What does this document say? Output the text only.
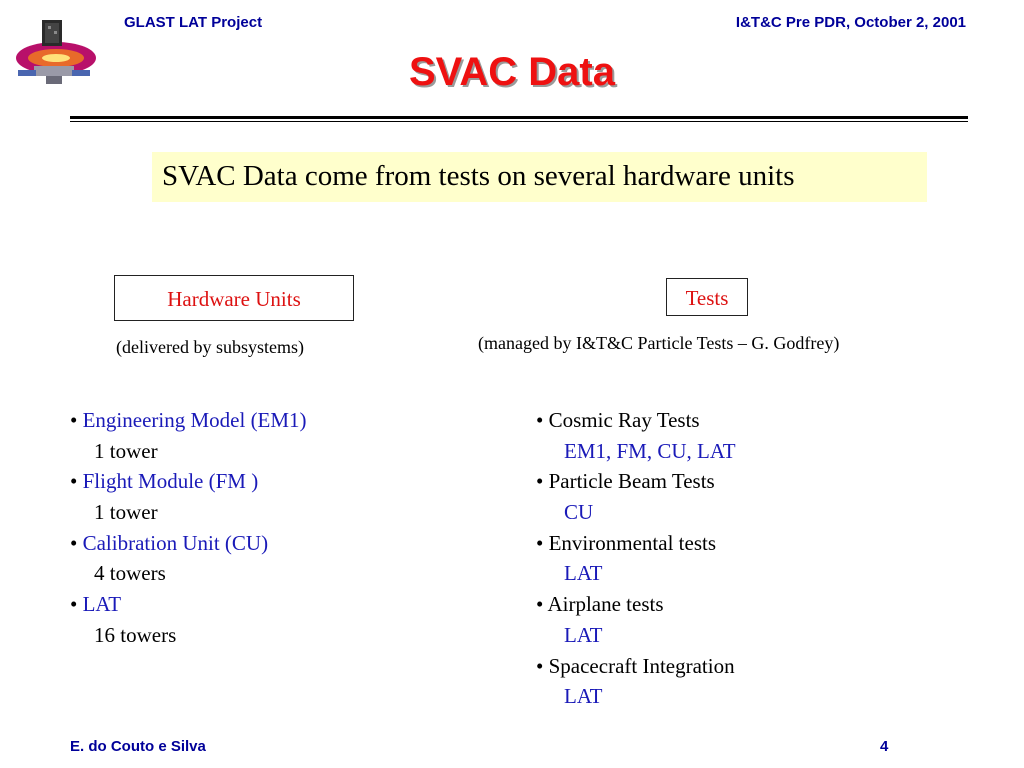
GLAST LAT Project	I&T&C Pre PDR, October 2, 2001
SVAC Data
SVAC Data come from tests on several hardware units
Hardware Units
(delivered by subsystems)
• Engineering Model (EM1)
1 tower
• Flight Module (FM )
1 tower
• Calibration Unit (CU)
4 towers
• LAT
16 towers
Tests
(managed by I&T&C Particle Tests – G. Godfrey)
• Cosmic Ray Tests
EM1, FM, CU, LAT
• Particle Beam Tests
CU
• Environmental tests
LAT
• Airplane tests
LAT
• Spacecraft Integration
LAT
E. do Couto e Silva	4
